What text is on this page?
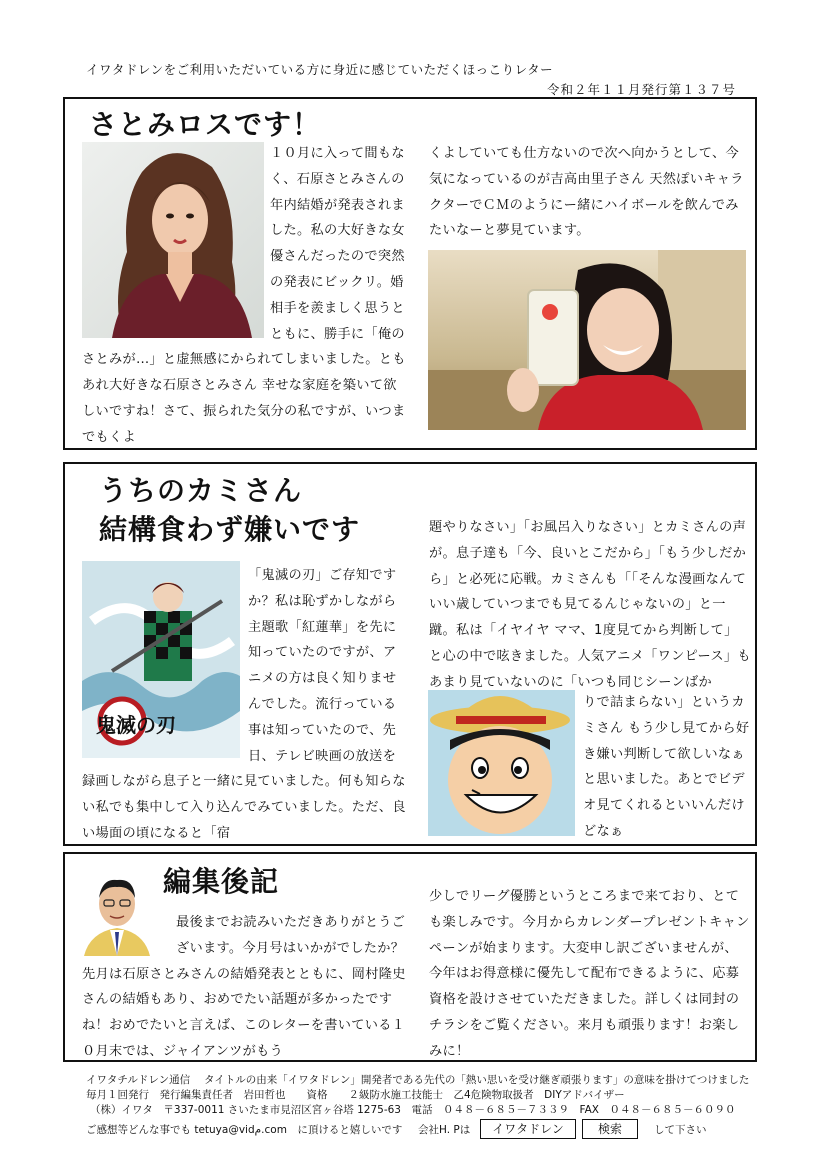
イワタドレンをご利用いただいている方に身近に感じていただくほっこりレター
令和２年１１月発行第１３７号
さとみロスです！

１０月に入って間もなく、石原さとみさんの年内結婚が発表されました。私の大好きな女優さんだったので突然の発表にビックリ。婚相手を羨ましく思うとともに、勝手に「俺のさとみが…」と虚無感にかられてしまいました。ともあれ大好きな石原さとみさん 幸せな家庭を築いて欲しいですね！さて、振られた気分の私ですが、いつまでもくよ

くよしていても仕方ないので次へ向かうとして、今気になっているのが吉高由里子さん 天然ぽいキャラクターでＣＭのようにー緒にハイボールを飲んでみたいなーと夢見ています。

うちのカミさん
結構食わず嫌いです
鬼滅の刃

「鬼滅の刃」ご存知ですか？私は恥ずかしながら主題歌「紅蓮華」を先に知っていたのですが、アニメの方は良く知りませんでした。流行っている事は知っていたので、先日、テレビ映画の放送を録画しながら息子と一緒に見ていました。何も知らない私でも集中して入り込んでみていました。ただ、良い場面の頃になると「宿

題やりなさい」「お風呂入りなさい」とカミさんの声が。息子達も「今、良いとこだから」「もう少しだから」と必死に応戦。カミさんも「「そんな漫画なんていい歳していつまでも見てるんじゃないの」と一蹴。私は「イヤイヤ ママ、1度見てから判断して」と心の中で呟きました。人気アニメ「ワンピース」もあまり見ていないのに「いつも同じシーンばか

りで詰まらない」というカミさん もう少し見てから好き嫌い判断して欲しいなぁと思いました。あとでビデオ見てくれるといいんだけどなぁ

編集後記

最後までお読みいただきありがとうございます。今月号はいかがでしたか？先月は石原さとみさんの結婚発表とともに、岡村隆史さんの結婚もあり、おめでたい話題が多かったですね！おめでたいと言えば、このレターを書いている１０月末では、ジャイアンツがもう

少しでリーグ優勝というところまで来ており、とても楽しみです。今月からカレンダープレゼントキャンペーンが始まります。大変申し訳ございませんが、今年はお得意様に優先して配布できるように、応募資格を設けさせていただきました。詳しくは同封のチラシをご覧ください。来月も頑張ります！お楽しみに！

イワタチルドレン通信　 タイトルの由来「イワタドレン」開発者である先代の「熱い思いを受け継ぎ頑張ります」の意味を掛けてつけました
毎月１回発行　発行編集責任者　岩田哲也　　資格　　２級防水施工技能士　乙4危険物取扱者　DIYアドバイザー
（株）イワタ　〒337-0011 さいたま市見沼区宮ヶ谷塔 1275-63　電話　０４８－６８５－７３３９　FAX　０４８－６８５－６０９０
ご感想等どんな事でも tetuya@vidم.com　に頂けると嬉しいです 会社H. Pは	イワタドレン	検索	して下さい
